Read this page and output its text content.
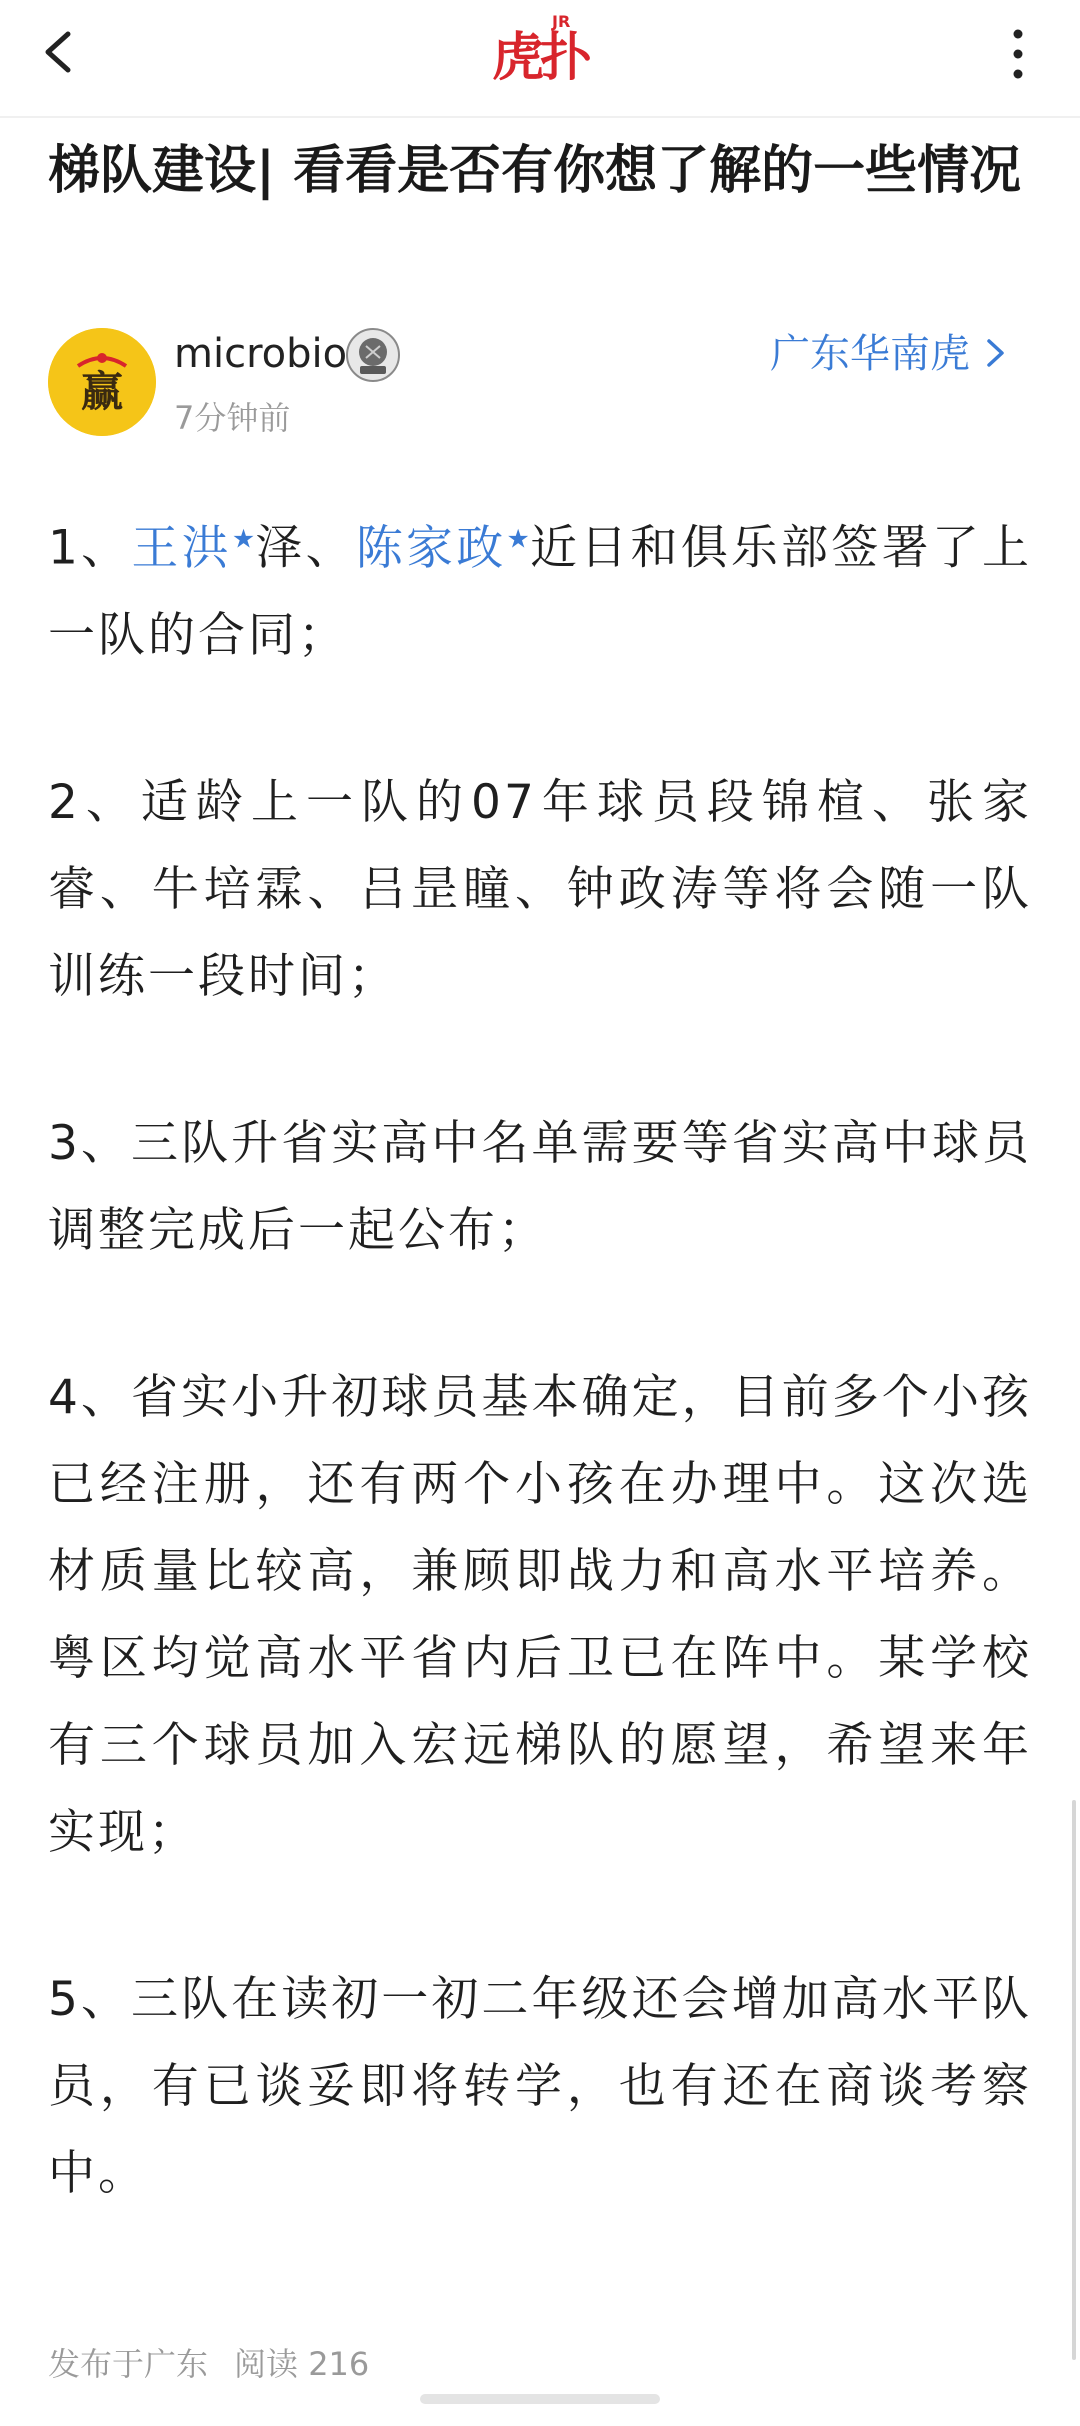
JR
虎扑
梯队建设| 看看是否有你想了解的一些情况
赢
microbio
7分钟前
广东华南虎

1、王洪★泽、陈家政★近日和俱乐部签署了上一队的合同；

2、适龄上一队的07年球员段锦楦、张家睿、牛培霖、吕昰瞳、钟政涛等将会随一队训练一段时间；

3、三队升省实高中名单需要等省实高中球员调整完成后一起公布；

4、省实小升初球员基本确定，目前多个小孩已经注册，还有两个小孩在办理中。这次选材质量比较高，兼顾即战力和高水平培养。粤区均觉高水平省内后卫已在阵中。某学校有三个球员加入宏远梯队的愿望，希望来年实现；

5、三队在读初一初二年级还会增加高水平队员，有已谈妥即将转学，也有还在商谈考察中。

发布于广东 阅读 216
